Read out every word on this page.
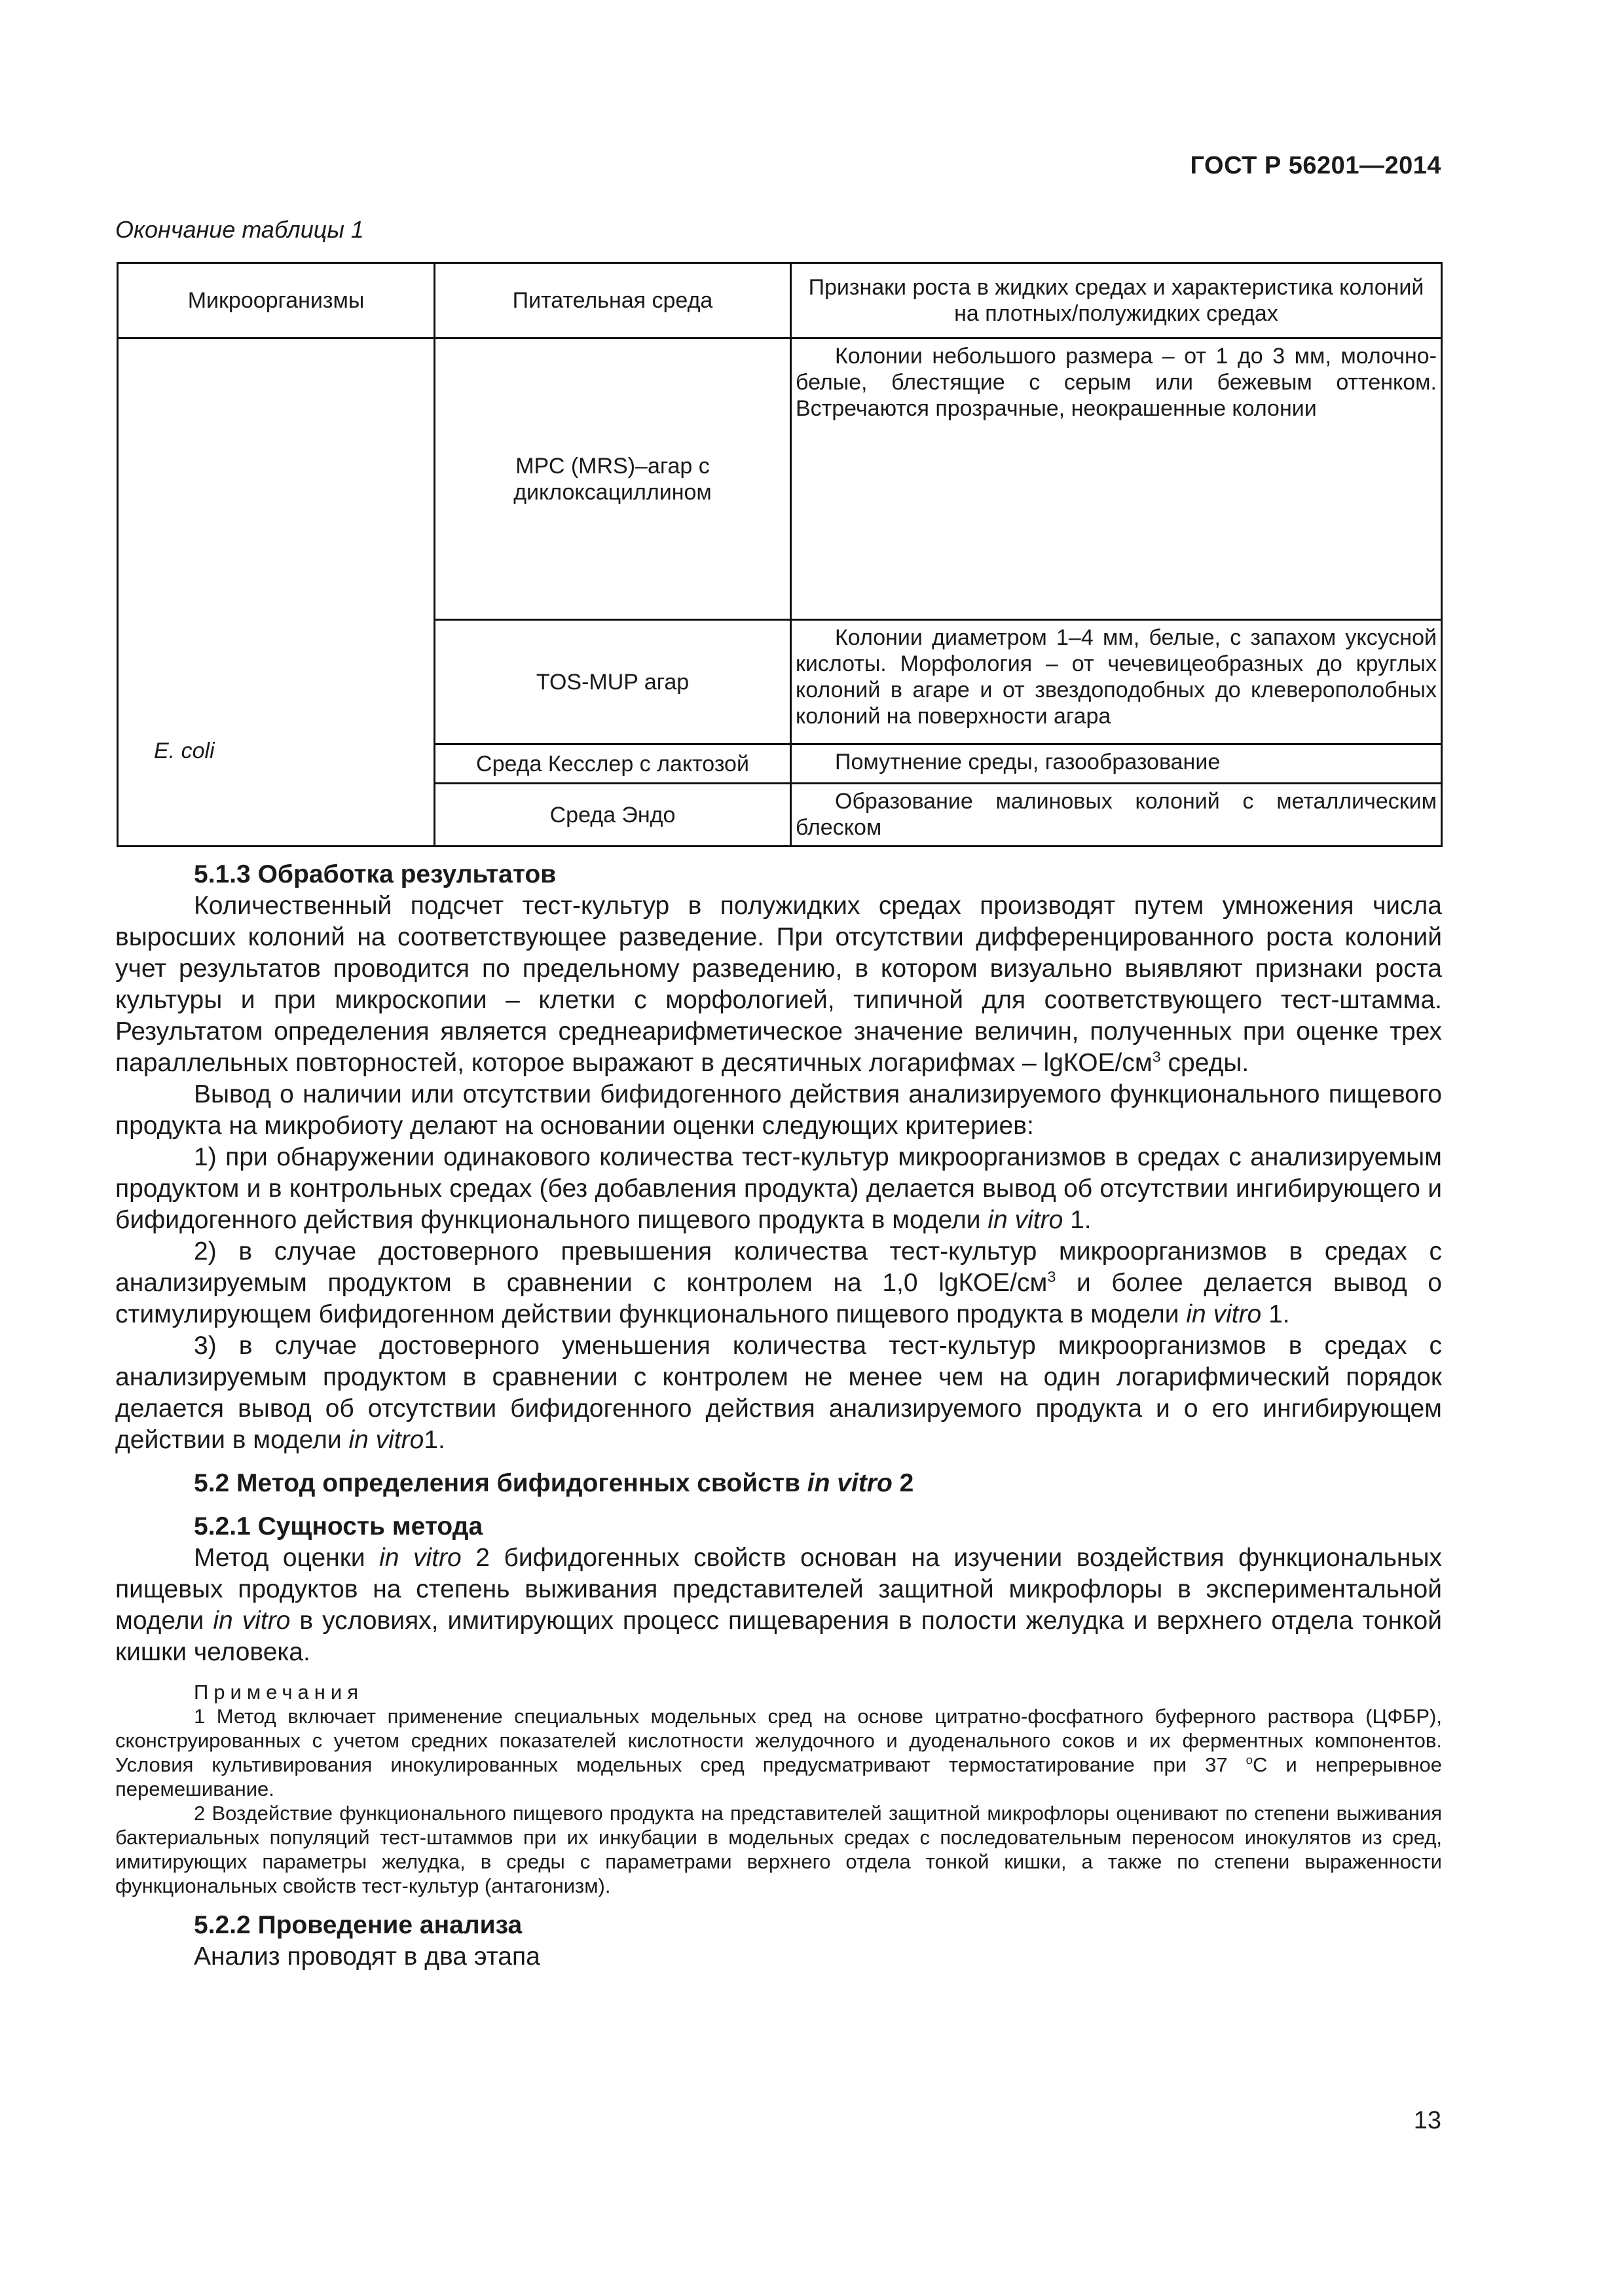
ГОСТ Р 56201—2014
Окончание таблицы 1
Микроорганизмы	Питательная среда	Признаки роста в жидких средах и характеристика колоний на плотных/полужидких средах
	МРС (MRS)–агар с диклоксациллином	Колонии небольшого размера – от 1 до 3 мм, молочно-белые, блестящие с серым или бежевым оттенком. Встречаются прозрачные, неокрашенные колонии
	TOS-MUP агар	Колонии диаметром 1–4 мм, белые, с запахом уксусной кислоты. Морфология – от чечевицеобразных до круглых колоний в агаре и от звездоподобных до клеверополобных колоний на поверхности агара

E. coli	Среда Кесслер с лактозой	Помутнение среды, газообразование
	Среда Эндо	Образование малиновых колоний с металлическим блеском
5.1.3 Обработка результатов

Количественный подсчет тест-культур в полужидких средах производят путем умножения числа выросших колоний на соответствующее разведение. При отсутствии дифференцированного роста колоний учет результатов проводится по предельному разведению, в котором визуально выявляют признаки роста культуры и при микроскопии – клетки с морфологией, типичной для соответствующего тест-штамма. Результатом определения является среднеарифметическое значение величин, полученных при оценке трех параллельных повторностей, которое выражают в десятичных логарифмах – lgКОЕ/$см^3$ среды.

Вывод о наличии или отсутствии бифидогенного действия анализируемого функционального пищевого продукта на микробиоту делают на основании оценки следующих критериев:

1) при обнаружении одинакового количества тест-культур микроорганизмов в средах с анализируемым продуктом и в контрольных средах (без добавления продукта) делается вывод об отсутствии ингибирующего и бифидогенного действия функционального пищевого продукта в модели in vitro 1.

2) в случае достоверного превышения количества тест-культур микроорганизмов в средах с анализируемым продуктом в сравнении с контролем на 1,0 lgКОЕ/$см^3$ и более делается вывод о стимулирующем бифидогенном действии функционального пищевого продукта в модели in vitro 1.

3) в случае достоверного уменьшения количества тест-культур микроорганизмов в средах с анализируемым продуктом в сравнении с контролем не менее чем на один логарифмический порядок делается вывод об отсутствии бифидогенного действия анализируемого продукта и о его ингибирующем действии в модели in vitro1.

5.2 Метод определения бифидогенных свойств in vitro 2
5.2.1 Сущность метода

Метод оценки in vitro 2 бифидогенных свойств основан на изучении воздействия функциональных пищевых продуктов на степень выживания представителей защитной микрофлоры в экспериментальной модели in vitro в условиях, имитирующих процесс пищеварения в полости желудка и верхнего отдела тонкой кишки человека.

Примечания

1 Метод включает применение специальных модельных сред на основе цитратно-фосфатного буферного раствора (ЦФБР), сконструированных с учетом средних показателей кислотности желудочного и дуоденального соков и их ферментных компонентов. Условия культивирования инокулированных модельных сред предусматривают термостатирование при 37 $^о$С и непрерывное перемешивание.

2 Воздействие функционального пищевого продукта на представителей защитной микрофлоры оценивают по степени выживания бактериальных популяций тест-штаммов при их инкубации в модельных средах с последовательным переносом инокулятов из сред, имитирующих параметры желудка, в среды с параметрами верхнего отдела тонкой кишки, а также по степени выраженности функциональных свойств тест-культур (антагонизм).

5.2.2 Проведение анализа

Анализ проводят в два этапа

13
